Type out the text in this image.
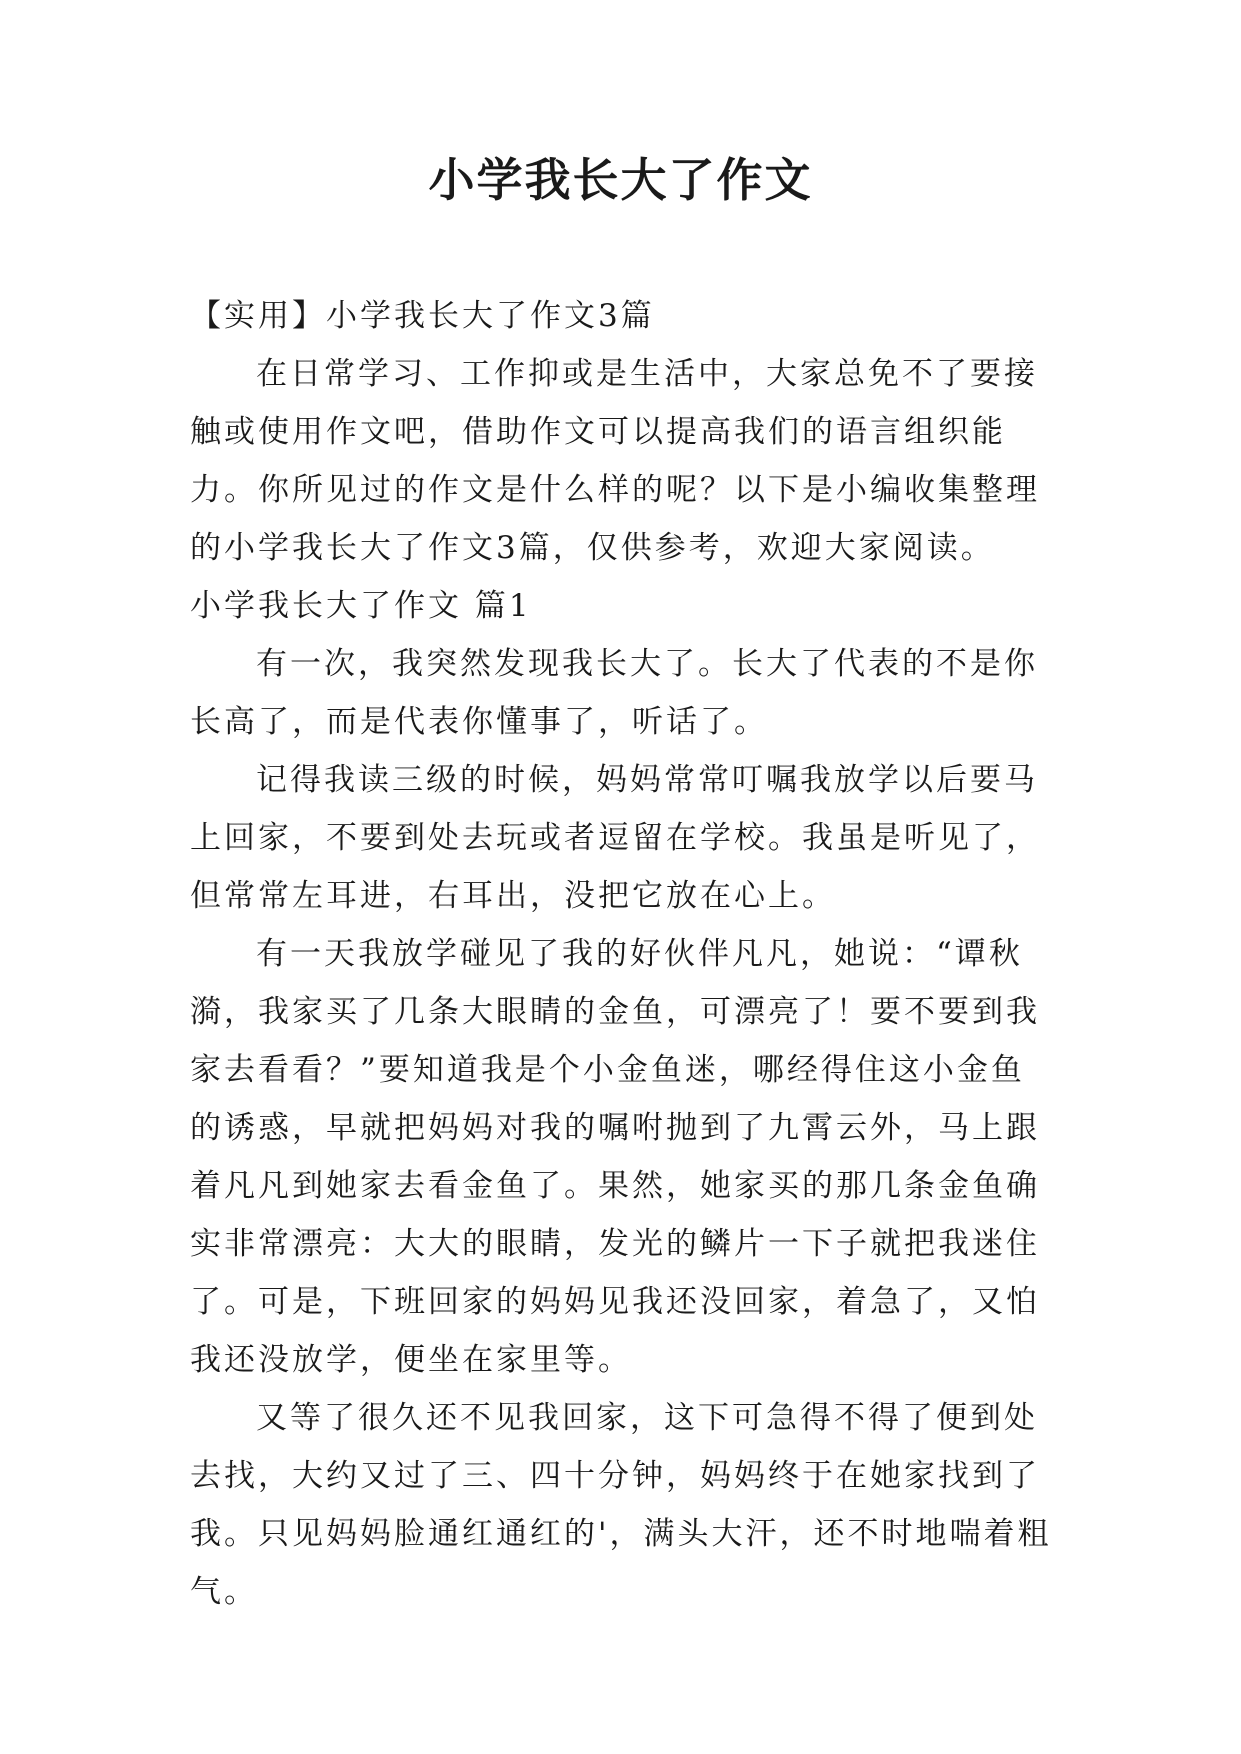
小学我长大了作文

【实用】小学我长大了作文3篇

在日常学习、工作抑或是生活中，大家总免不了要接触或使用作文吧，借助作文可以提高我们的语言组织能力。你所见过的作文是什么样的呢？以下是小编收集整理的小学我长大了作文3篇，仅供参考，欢迎大家阅读。

小学我长大了作文 篇1

有一次，我突然发现我长大了。长大了代表的不是你长高了，而是代表你懂事了，听话了。

记得我读三级的时候，妈妈常常叮嘱我放学以后要马上回家，不要到处去玩或者逗留在学校。我虽是听见了，但常常左耳进，右耳出，没把它放在心上。

有一天我放学碰见了我的好伙伴凡凡，她说：“谭秋漪，我家买了几条大眼睛的金鱼，可漂亮了！要不要到我家去看看？”要知道我是个小金鱼迷，哪经得住这小金鱼的诱惑，早就把妈妈对我的嘱咐抛到了九霄云外，马上跟着凡凡到她家去看金鱼了。果然，她家买的那几条金鱼确实非常漂亮：大大的眼睛，发光的鳞片一下子就把我迷住了。可是，下班回家的妈妈见我还没回家，着急了，又怕我还没放学，便坐在家里等。

又等了很久还不见我回家，这下可急得不得了便到处去找，大约又过了三、四十分钟，妈妈终于在她家找到了我。只见妈妈脸通红通红的'，满头大汗，还不时地喘着粗气。
